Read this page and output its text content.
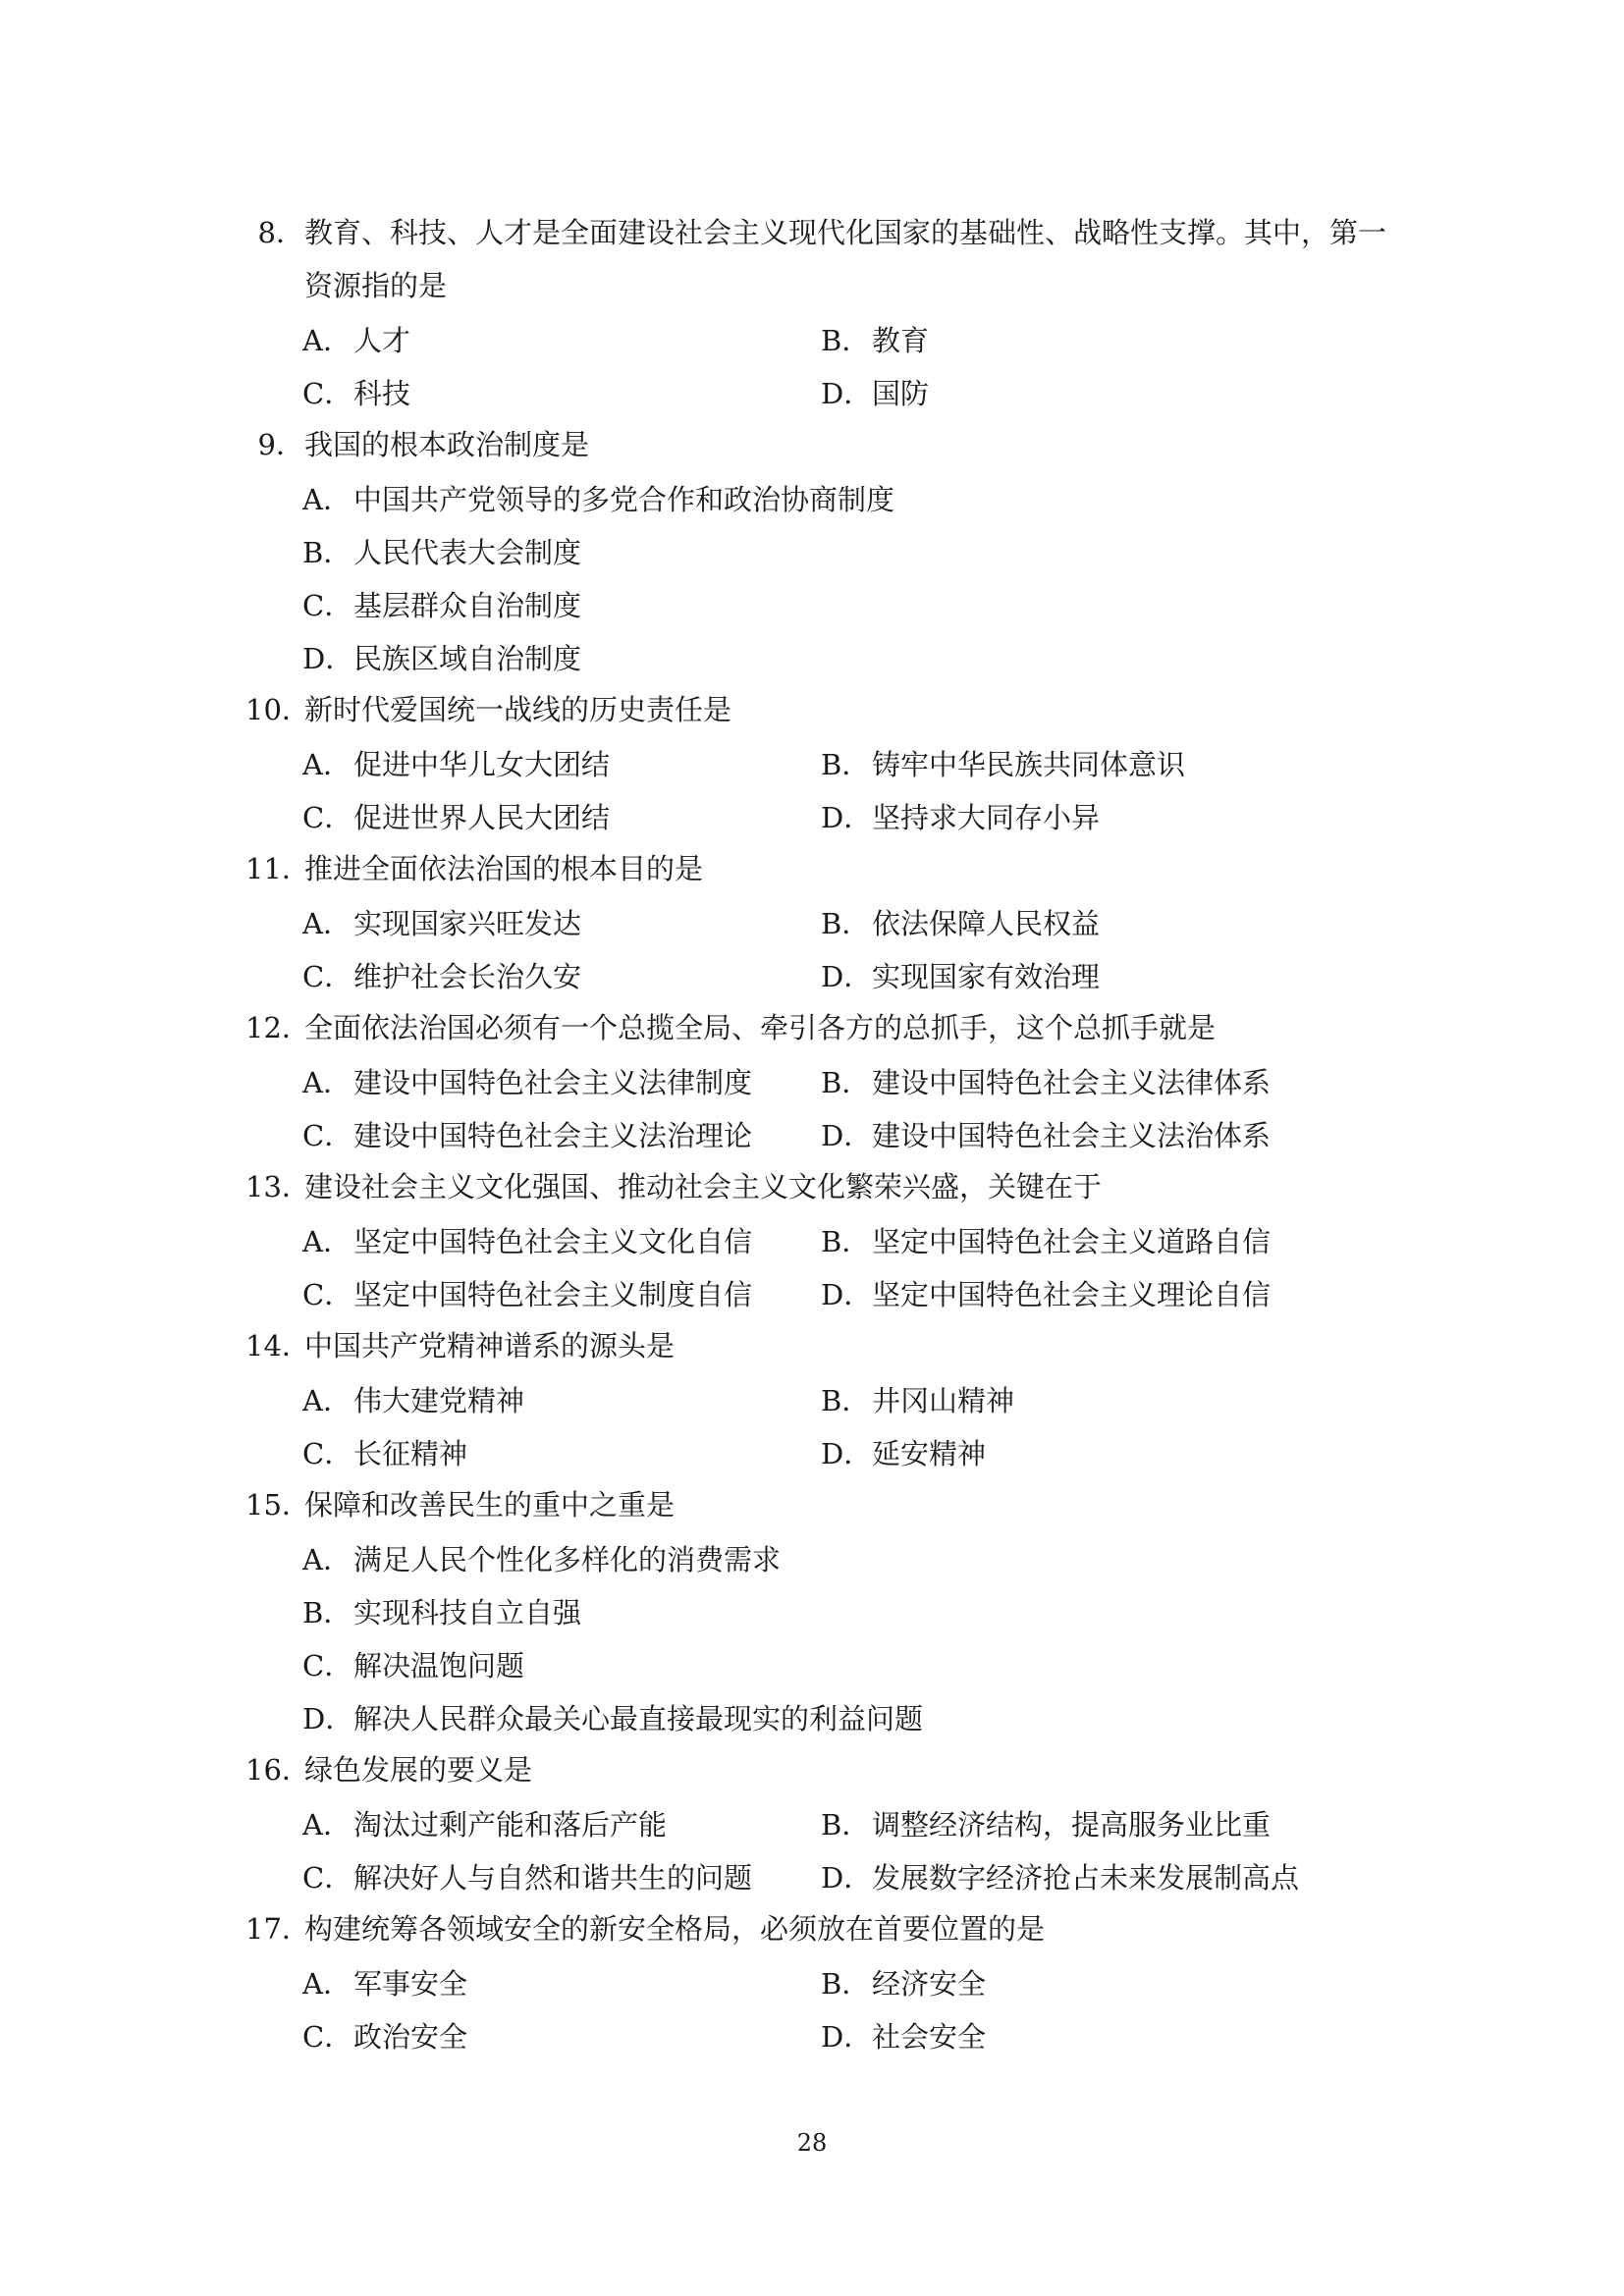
8． 教育、科技、人才是全面建设社会主义现代化国家的基础性、战略性支撑。其中，第一资源指的是
A． 人才	B． 教育
C． 科技	D． 国防
9． 我国的根本政治制度是
A． 中国共产党领导的多党合作和政治协商制度
B． 人民代表大会制度
C． 基层群众自治制度
D． 民族区域自治制度
10．
新时代爱国统一战线的历史责任是
A． 促进中华儿女大团结	B． 铸牢中华民族共同体意识
C． 促进世界人民大团结	D． 坚持求大同存小异
11．
推进全面依法治国的根本目的是
A． 实现国家兴旺发达	B． 依法保障人民权益
C． 维护社会长治久安	D． 实现国家有效治理
12．
全面依法治国必须有一个总揽全局、牵引各方的总抓手，这个总抓手就是
A． 建设中国特色社会主义法律制度 B． 建设中国特色社会主义法律体系
C． 建设中国特色社会主义法治理论 D． 建设中国特色社会主义法治体系
13．
建设社会主义文化强国、推动社会主义文化繁荣兴盛，关键在于
A． 坚定中国特色社会主义文化自信 B． 坚定中国特色社会主义道路自信
C． 坚定中国特色社会主义制度自信 D． 坚定中国特色社会主义理论自信
14．
中国共产党精神谱系的源头是
A． 伟大建党精神	B． 井冈山精神
C． 长征精神	D． 延安精神
15．
保障和改善民生的重中之重是
A． 满足人民个性化多样化的消费需求
B． 实现科技自立自强
C． 解决温饱问题
D． 解决人民群众最关心最直接最现实的利益问题
16．
绿色发展的要义是
A． 淘汰过剩产能和落后产能	B． 调整经济结构，提高服务业比重
C． 解决好人与自然和谐共生的问题 D． 发展数字经济抢占未来发展制高点
17．
构建统筹各领域安全的新安全格局，必须放在首要位置的是
A． 军事安全	B． 经济安全
C． 政治安全	D． 社会安全
28
